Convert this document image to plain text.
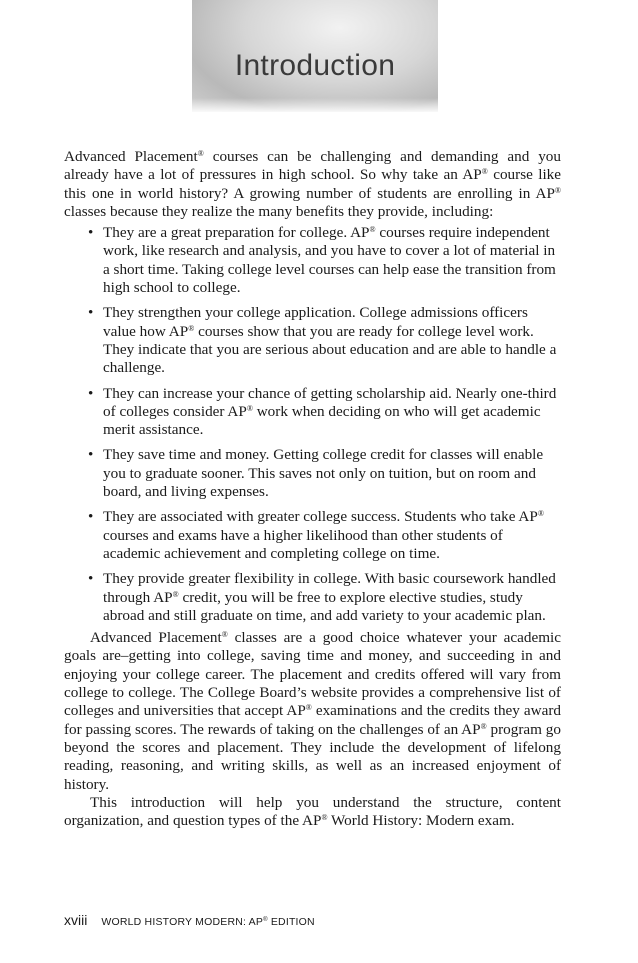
Introduction

Advanced Placement® courses can be challenging and demanding and you already have a lot of pressures in high school. So why take an AP® course like this one in world history? A growing number of students are enrolling in AP® classes because they realize the many benefits they provide, including:

• They are a great preparation for college. AP® courses require independent work, like research and analysis, and you have to cover a lot of material in a short time. Taking college level courses can help ease the transition from high school to college.
• They strengthen your college application. College admissions officers value how AP® courses show that you are ready for college level work. They indicate that you are serious about education and are able to handle a challenge.
• They can increase your chance of getting scholarship aid. Nearly one-third of colleges consider AP® work when deciding on who will get academic merit assistance.
• They save time and money. Getting college credit for classes will enable you to graduate sooner. This saves not only on tuition, but on room and board, and living expenses.
• They are associated with greater college success. Students who take AP® courses and exams have a higher likelihood than other students of academic achievement and completing college on time.
• They provide greater flexibility in college. With basic coursework handled through AP® credit, you will be free to explore elective studies, study abroad and still graduate on time, and add variety to your academic plan.

Advanced Placement® classes are a good choice whatever your academic goals are–getting into college, saving time and money, and succeeding in and enjoying your college career. The placement and credits offered will vary from college to college. The College Board’s website provides a comprehensive list of colleges and universities that accept AP® examinations and the credits they award for passing scores. The rewards of taking on the challenges of an AP® program go beyond the scores and placement. They include the development of lifelong reading, reasoning, and writing skills, as well as an increased enjoyment of history.

This introduction will help you understand the structure, content organization, and question types of the AP® World History: Modern exam.

xviii WORLD HISTORY MODERN: AP® EDITION
